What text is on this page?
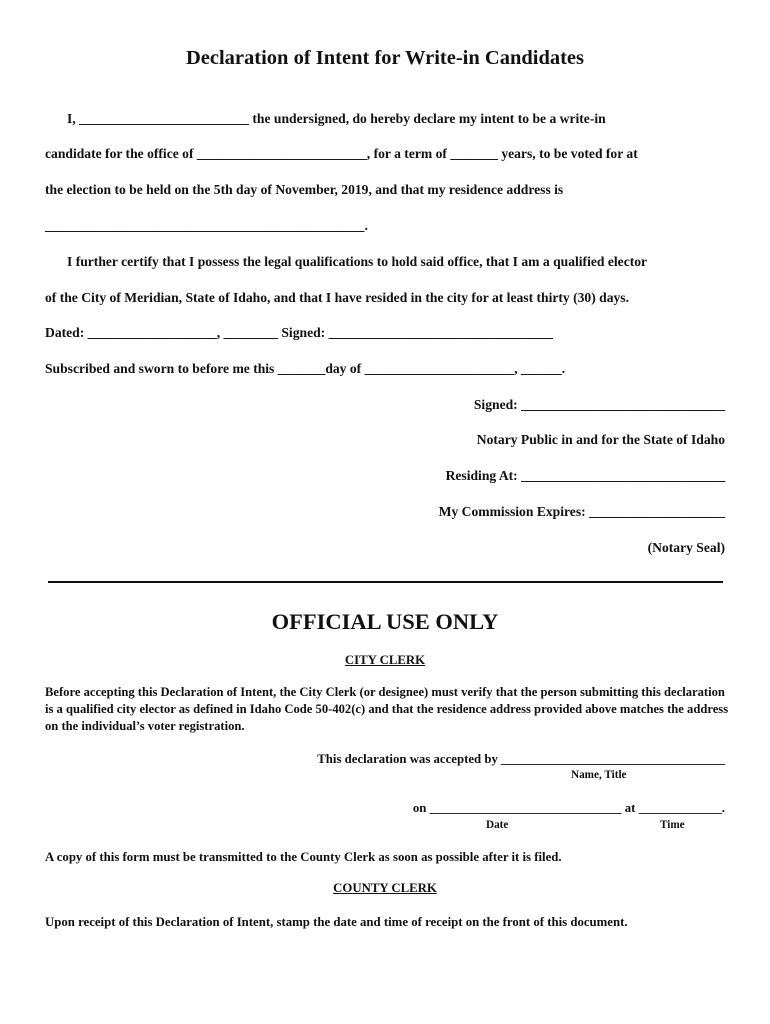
Declaration of Intent for Write-in Candidates
I, _________________________ the undersigned, do hereby declare my intent to be a write-in
candidate for the office of _________________________, for a term of _______ years, to be voted for at
the election to be held on the 5th day of November, 2019, and that my residence address is
_______________________________________________.
I further certify that I possess the legal qualifications to hold said office, that I am a qualified elector
of the City of Meridian, State of Idaho, and that I have resided in the city for at least thirty (30) days.
Dated: ___________________, ________ Signed: _________________________________
Subscribed and sworn to before me this _______day of ______________________, ______.
Signed: ______________________________
Notary Public in and for the State of Idaho
Residing At: ______________________________
My Commission Expires: ____________________
(Notary Seal)
OFFICIAL USE ONLY
CITY CLERK
Before accepting this Declaration of Intent, the City Clerk (or designee) must verify that the person submitting this declaration is a qualified city elector as defined in Idaho Code 50-402(c) and that the residence address provided above matches the address on the individual’s voter registration.
This declaration was accepted by ___________________________________
Name, Title
on ______________________________ at _____________.
Date	Time
A copy of this form must be transmitted to the County Clerk as soon as possible after it is filed.
COUNTY CLERK
Upon receipt of this Declaration of Intent, stamp the date and time of receipt on the front of this document.
